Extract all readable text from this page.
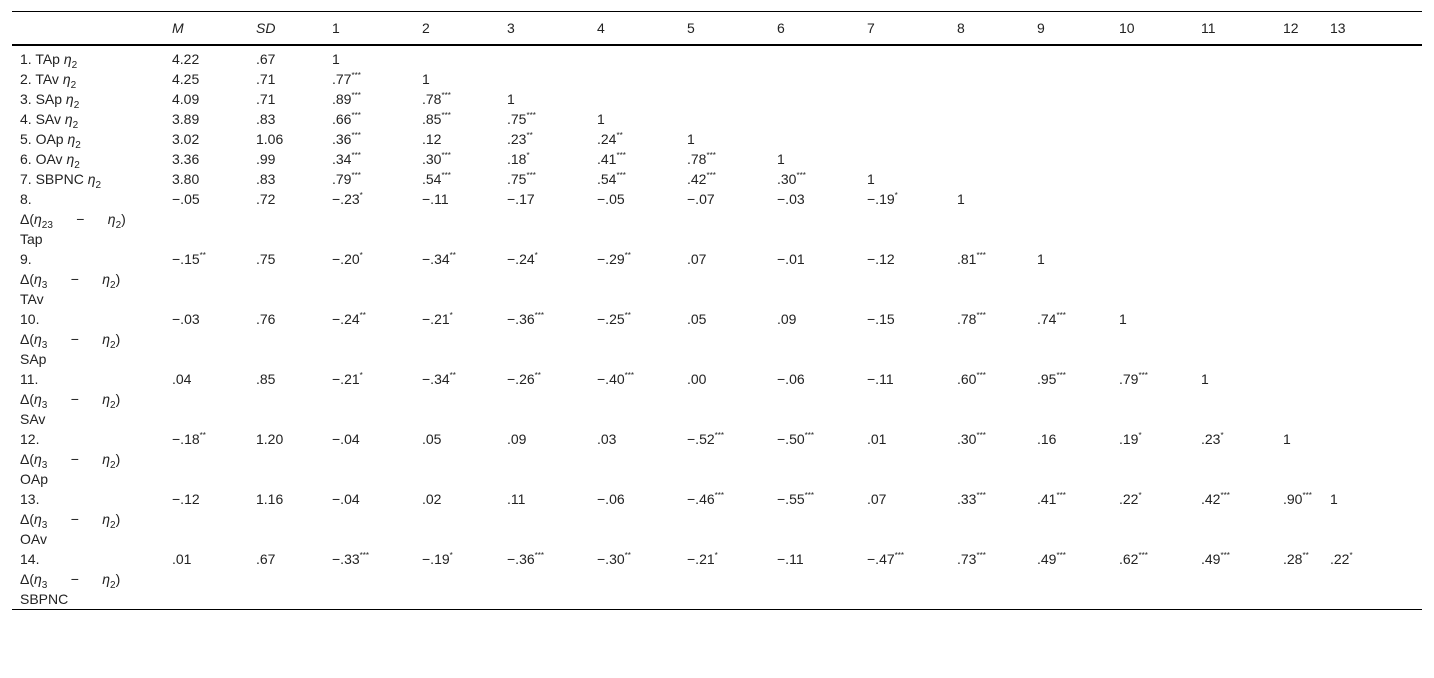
	M	SD	1	2	3	4	5	6	7	8	9	10	11	12	13

1. TAp $\eta_2$	4.22	.67	1												

2. TAv $\eta_2$	4.25	.71	.77***	1											

3. SAp $\eta_2$	4.09	.71	.89***	.78***	1										

4. SAv $\eta_2$	3.89	.83	.66***	.85***	.75***	1									

5. OAp $\eta_2$	3.02	1.06	.36***	.12	.23**	.24**	1								

6. OAv $\eta_2$	3.36	.99	.34***	.30***	.18*	.41***	.78***	1							

7. SBPNC $\eta_2$	3.80	.83	.79***	.54***	.75***	.54***	.42***	.30***	1						

8.
$\Delta(\eta_{23} - \eta_2)$
Tap	−.05	.72	−.23*	−.11	−.17	−.05	−.07	−.03	−.19*	1					

9.
$\Delta(\eta_3 - \eta_2)$
TAv	−.15**	.75	−.20*	−.34**	−.24*	−.29**	.07	−.01	−.12	.81***	1				

10.
$\Delta(\eta_3 - \eta_2)$
SAp	−.03	.76	−.24**	−.21*	−.36***	−.25**	.05	.09	−.15	.78***	.74***	1			

11.
$\Delta(\eta_3 - \eta_2)$
SAv	.04	.85	−.21*	−.34**	−.26**	−.40***	.00	−.06	−.11	.60***	.95***	.79***	1		

12.
$\Delta(\eta_3 - \eta_2)$
OAp	−.18**	1.20	−.04	.05	.09	.03	−.52***	−.50***	.01	.30***	.16	.19*	.23*	1	

13.
$\Delta(\eta_3 - \eta_2)$
OAv	−.12	1.16	−.04	.02	.11	−.06	−.46***	−.55***	.07	.33***	.41***	.22*	.42***	.90***	1

14.
$\Delta(\eta_3 - \eta_2)$
SBPNC	.01	.67	−.33***	−.19*	−.36***	−.30**	−.21*	−.11	−.47***	.73***	.49***	.62***	.49***	.28**	.22*
